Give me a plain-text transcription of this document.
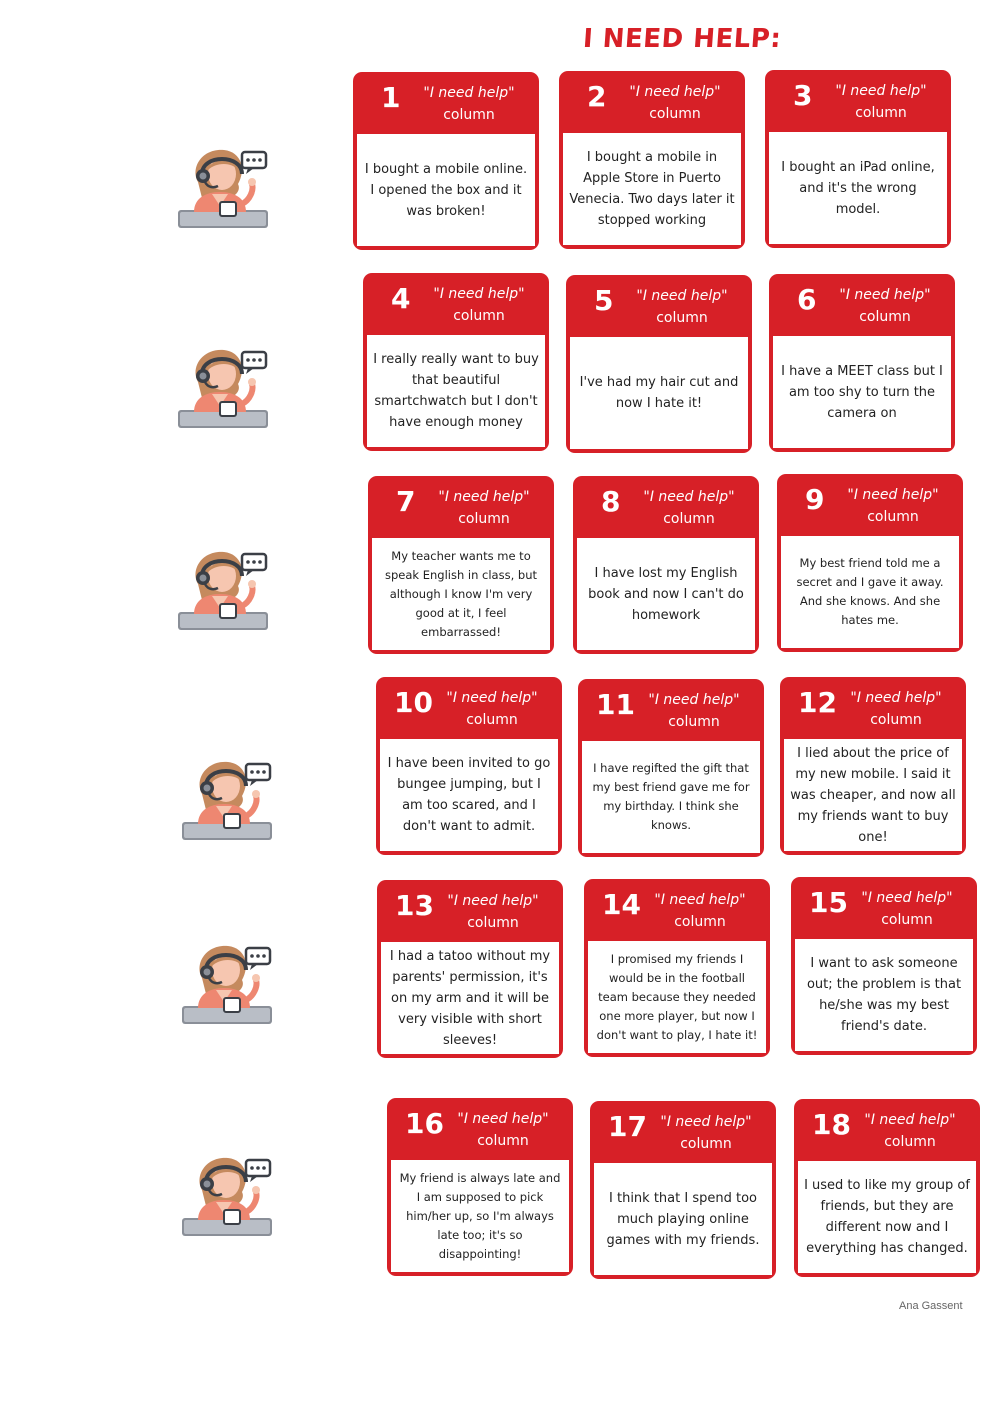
I NEED HELP:
1	"I need help"
column
I bought a mobile online. I opened the box and it was broken!
2	"I need help"
column
I bought a mobile in Apple Store in Puerto Venecia. Two days later it stopped working
3	"I need help"
column
I bought an iPad online, and it's the wrong model.
4	"I need help"
column
I really really want to buy that beautiful smartchwatch but I don't have enough money
5	"I need help"
column
I've had my hair cut and now I hate it!
6	"I need help"
column
I have a MEET class but I am too shy to turn the camera on
7	"I need help"
column
My teacher wants me to speak English in class, but although I know I'm very good at it, I feel embarrassed!
8	"I need help"
column
I have lost my English book and now I can't do homework
9	"I need help"
column
My best friend told me a secret and I gave it away. And she knows. And she hates me.
10 "I need help"
column
I have been invited to go bungee jumping, but I am too scared, and I don't want to admit.
11 "I need help"
column
I have regifted the gift that my best friend gave me for my birthday. I think she knows.
12 "I need help"
column
I lied about the price of my new mobile. I said it was cheaper, and now all my friends want to buy one!
13 "I need help"
column
I had a tatoo without my parents' permission, it's on my arm and it will be very visible with short sleeves!
14 "I need help"
column
I promised my friends I would be in the football team because they needed one more player, but now I don't want to play, I hate it!
15 "I need help"
column
I want to ask someone out; the problem is that he/she was my best friend's date.
16 "I need help"
column
My friend is always late and I am supposed to pick him/her up, so I'm always late too; it's so disappointing!
17 "I need help"
column
I think that I spend too much playing online games with my friends.
18 "I need help"
column
I used to like my group of friends, but they are different now and I everything has changed.
Ana Gassent
